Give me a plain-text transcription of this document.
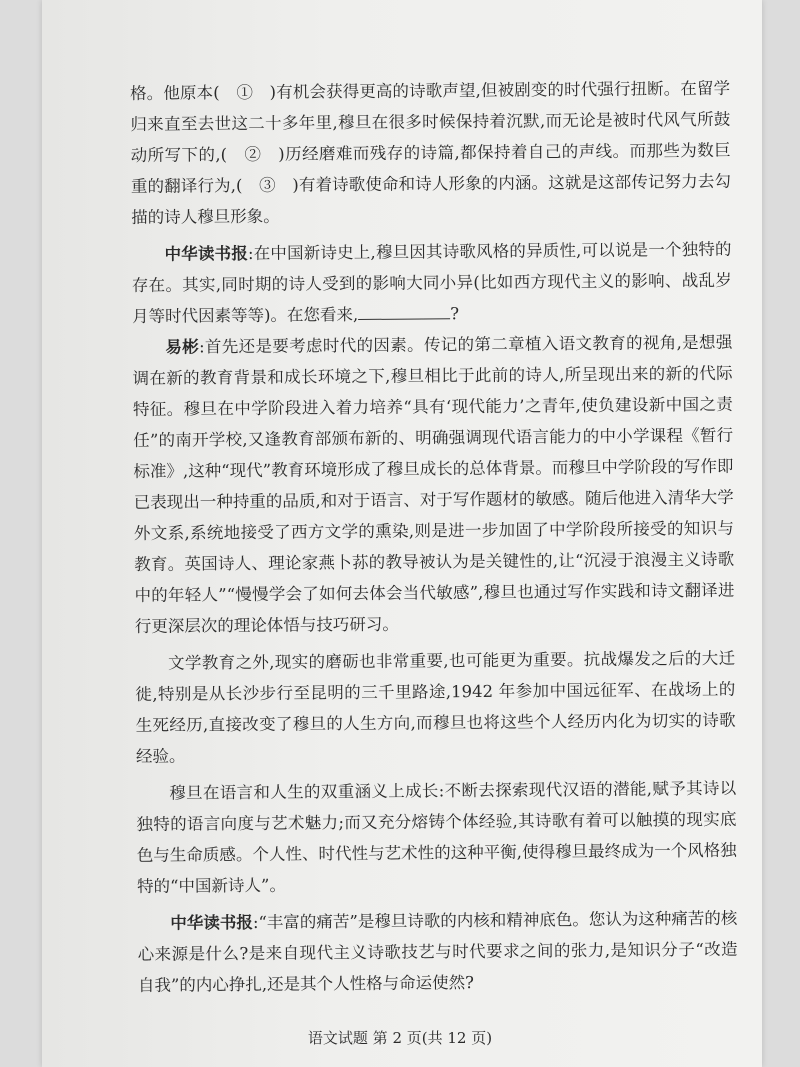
格。他原本(　①　)有机会获得更高的诗歌声望,但被剧变的时代强行扭断。在留学归来直至去世这二十多年里,穆旦在很多时候保持着沉默,而无论是被时代风气所鼓动所写下的,(　②　)历经磨难而残存的诗篇,都保持着自己的声线。而那些为数巨重的翻译行为,(　③　)有着诗歌使命和诗人形象的内涵。这就是这部传记努力去勾描的诗人穆旦形象。

中华读书报:在中国新诗史上,穆旦因其诗歌风格的异质性,可以说是一个独特的存在。其实,同时期的诗人受到的影响大同小异(比如西方现代主义的影响、战乱岁月等时代因素等等)。在您看来,	?

易彬:首先还是要考虑时代的因素。传记的第二章植入语文教育的视角,是想强调在新的教育背景和成长环境之下,穆旦相比于此前的诗人,所呈现出来的新的代际特征。穆旦在中学阶段进入着力培养“具有‘现代能力’之青年,使负建设新中国之责任”的南开学校,又逢教育部颁布新的、明确强调现代语言能力的中小学课程《暂行标准》,这种“现代”教育环境形成了穆旦成长的总体背景。而穆旦中学阶段的写作即已表现出一种持重的品质,和对于语言、对于写作题材的敏感。随后他进入清华大学外文系,系统地接受了西方文学的熏染,则是进一步加固了中学阶段所接受的知识与教育。英国诗人、理论家燕卜荪的教导被认为是关键性的,让“沉浸于浪漫主义诗歌中的年轻人”“慢慢学会了如何去体会当代敏感”,穆旦也通过写作实践和诗文翻译进行更深层次的理论体悟与技巧研习。

文学教育之外,现实的磨砺也非常重要,也可能更为重要。抗战爆发之后的大迁徙,特别是从长沙步行至昆明的三千里路途,1942 年参加中国远征军、在战场上的生死经历,直接改变了穆旦的人生方向,而穆旦也将这些个人经历内化为切实的诗歌经验。

穆旦在语言和人生的双重涵义上成长:不断去探索现代汉语的潜能,赋予其诗以独特的语言向度与艺术魅力;而又充分熔铸个体经验,其诗歌有着可以触摸的现实底色与生命质感。个人性、时代性与艺术性的这种平衡,使得穆旦最终成为一个风格独特的“中国新诗人”。

中华读书报:“丰富的痛苦”是穆旦诗歌的内核和精神底色。您认为这种痛苦的核心来源是什么?是来自现代主义诗歌技艺与时代要求之间的张力,是知识分子“改造自我”的内心挣扎,还是其个人性格与命运使然?

语文试题 第 2 页(共 12 页)
